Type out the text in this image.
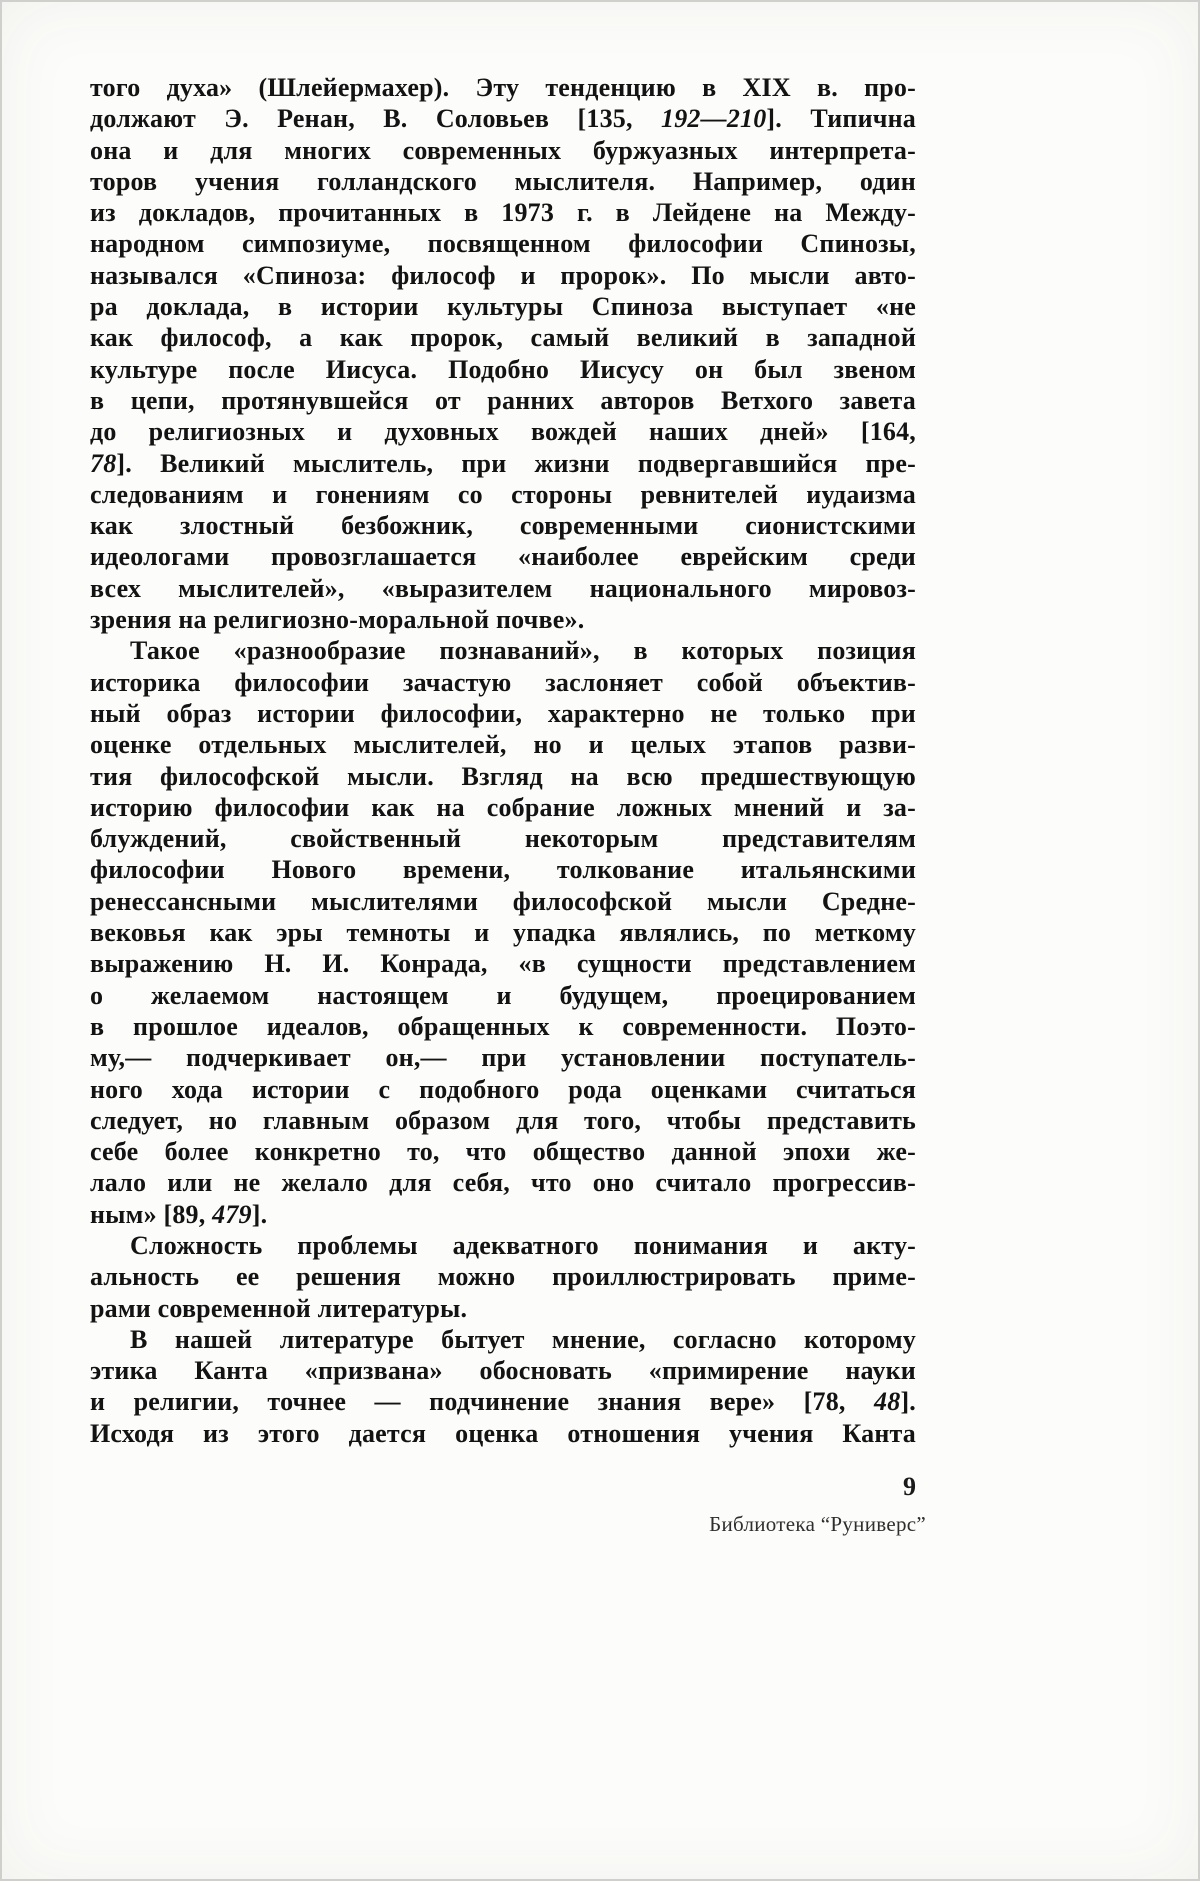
того духа» (Шлейермахер). Эту тенденцию в XIX в. про-
должают Э. Ренан, В. Соловьев [135, 192—210]. Типична
она и для многих современных буржуазных интерпрета-
торов учения голландского мыслителя. Например, один
из докладов, прочитанных в 1973 г. в Лейдене на Между-
народном симпозиуме, посвященном философии Спинозы,
назывался «Спиноза: философ и пророк». По мысли авто-
ра доклада, в истории культуры Спиноза выступает «не
как философ, а как пророк, самый великий в западной
культуре после Иисуса. Подобно Иисусу он был звеном
в цепи, протянувшейся от ранних авторов Ветхого завета
до религиозных и духовных вождей наших дней» [164,
78]. Великий мыслитель, при жизни подвергавшийся пре-
следованиям и гонениям со стороны ревнителей иудаизма
как злостный безбожник, современными сионистскими
идеологами провозглашается «наиболее еврейским среди
всех мыслителей», «выразителем национального мировоз-
зрения на религиозно-моральной почве».
Такое «разнообразие познаваний», в которых позиция
историка философии зачастую заслоняет собой объектив-
ный образ истории философии, характерно не только при
оценке отдельных мыслителей, но и целых этапов разви-
тия философской мысли. Взгляд на всю предшествующую
историю философии как на собрание ложных мнений и за-
блуждений, свойственный некоторым представителям
философии Нового времени, толкование итальянскими
ренессансными мыслителями философской мысли Средне-
вековья как эры темноты и упадка являлись, по меткому
выражению Н. И. Конрада, «в сущности представлением
о желаемом настоящем и будущем, проецированием
в прошлое идеалов, обращенных к современности. Поэто-
му,— подчеркивает он,— при установлении поступатель-
ного хода истории с подобного рода оценками считаться
следует, но главным образом для того, чтобы представить
себе более конкретно то, что общество данной эпохи же-
лало или не желало для себя, что оно считало прогрессив-
ным» [89, 479].
Сложность проблемы адекватного понимания и акту-
альность ее решения можно проиллюстрировать приме-
рами современной литературы.
В нашей литературе бытует мнение, согласно которому
этика Канта «призвана» обосновать «примирение науки
и религии, точнее — подчинение знания вере» [78, 48].
Исходя из этого дается оценка отношения учения Канта
9
Библиотека “Руниверс”
